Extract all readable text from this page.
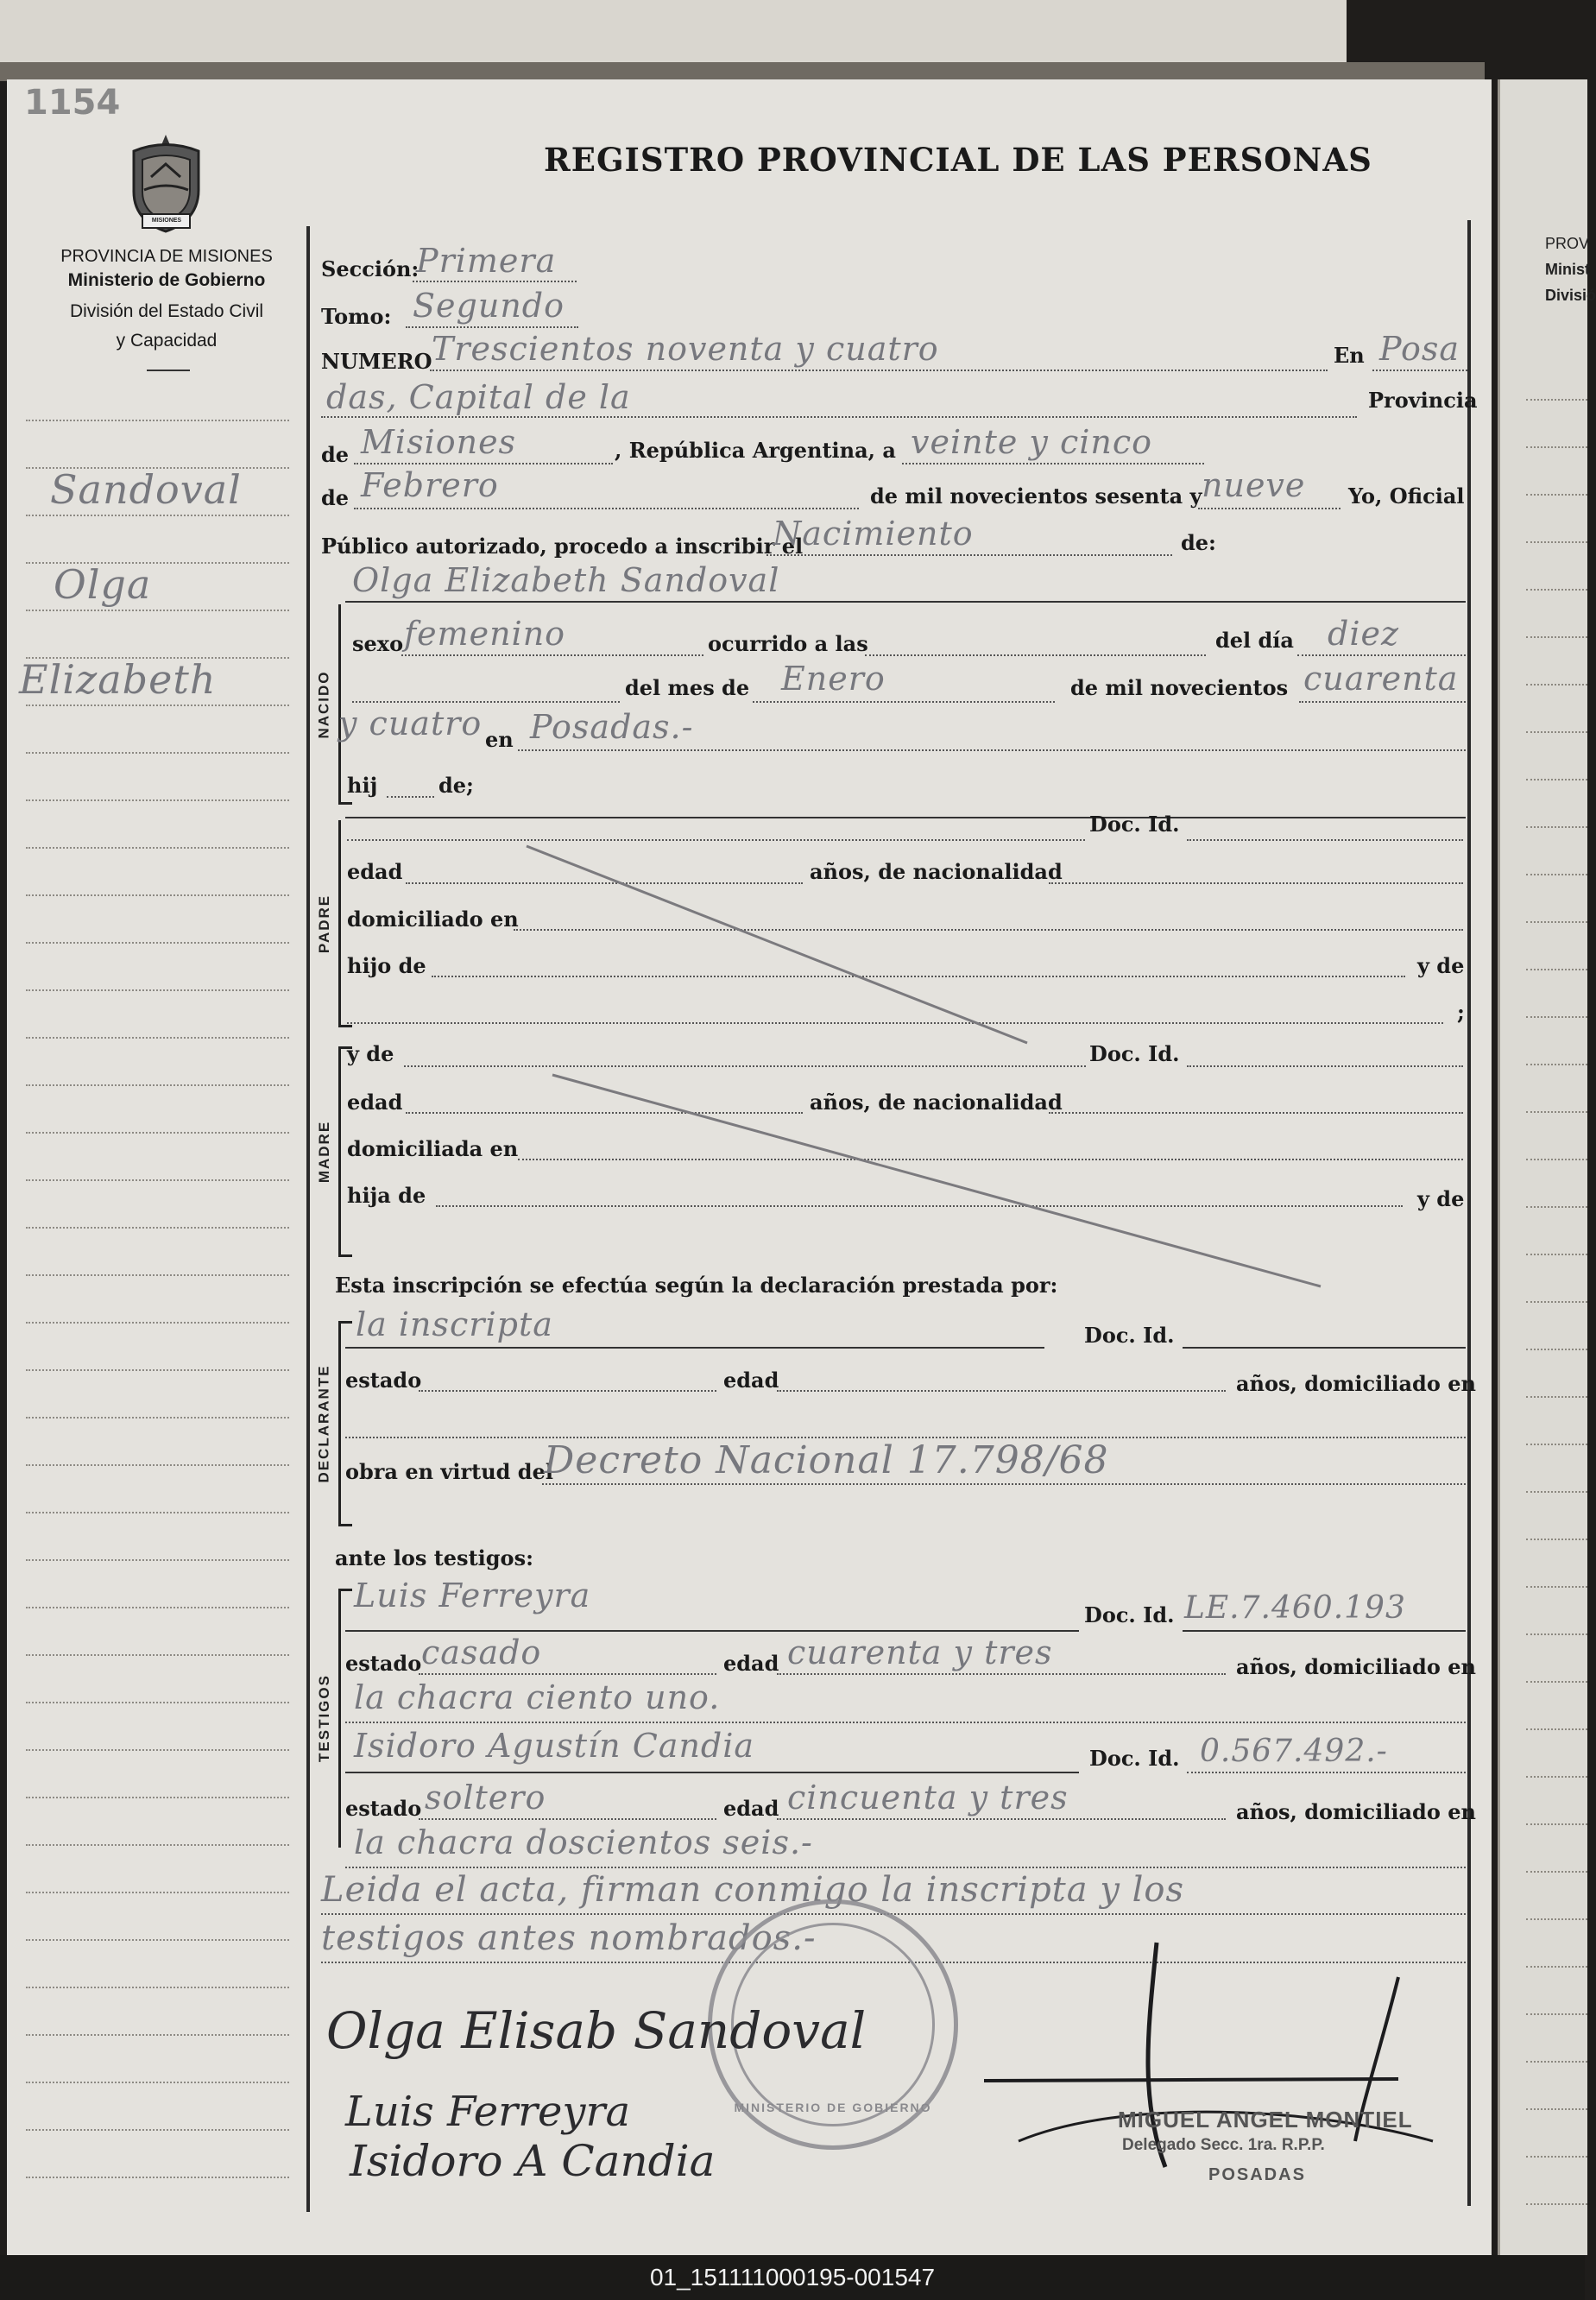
PROV
Minist
Divisió
1154
MISIONES
PROVINCIA DE MISIONES
Ministerio de Gobierno
División del Estado Civil
y Capacidad
REGISTRO PROVINCIAL DE LAS PERSONAS
Sandoval
Olga
Elizabeth
Sección:
Primera
Tomo: Segundo
NUMERO Trescientos noventa y cuatro	En Posa
das, Capital de la	Provincia
de Misiones	, República Argentina, a veinte y cinco
de Febrero	de mil novecientos sesenta y nueve Yo, Oficial
Público autorizado, procedo a inscribir el
Nacimiento	de:
Olga Elizabeth Sandoval
NACIDO
sexo femenino	ocurrido a las	del día diez
del mes de Enero	de mil novecientos cuarenta
y cuatro en Posadas.-
hij	de;
PADRE
Doc. Id.
edad	años, de nacionalidad
domiciliado en
hijo de	y de
;
MADRE
y de	Doc. Id.
edad	años, de nacionalidad
domiciliada en
hija de	y de
Esta inscripción se efectúa según la declaración prestada por:
DECLARANTE
la inscripta	Doc. Id.
estado	edad	años, domiciliado en
obra en virtud del
Decreto Nacional 17.798/68
ante los testigos:
TESTIGOS
Luis Ferreyra
Doc. Id. LE.7.460.193
estado casado	edad cuarenta y tres	años, domiciliado en
la chacra ciento uno.
Isidoro Agustín Candia	Doc. Id. 0.567.492.-
estado soltero	edad cincuenta y tres	años, domiciliado en
la chacra doscientos seis.-
Leida el acta, firman conmigo la inscripta y los
testigos antes nombrados.-
MINISTERIO DE GOBIERNO
Olga Elisab Sandoval
Luis Ferreyra
Isidoro A Candia
MIGUEL ANGEL MONTIEL
Delegado Secc. 1ra. R.P.P.
POSADAS
01_151111000195-001547
